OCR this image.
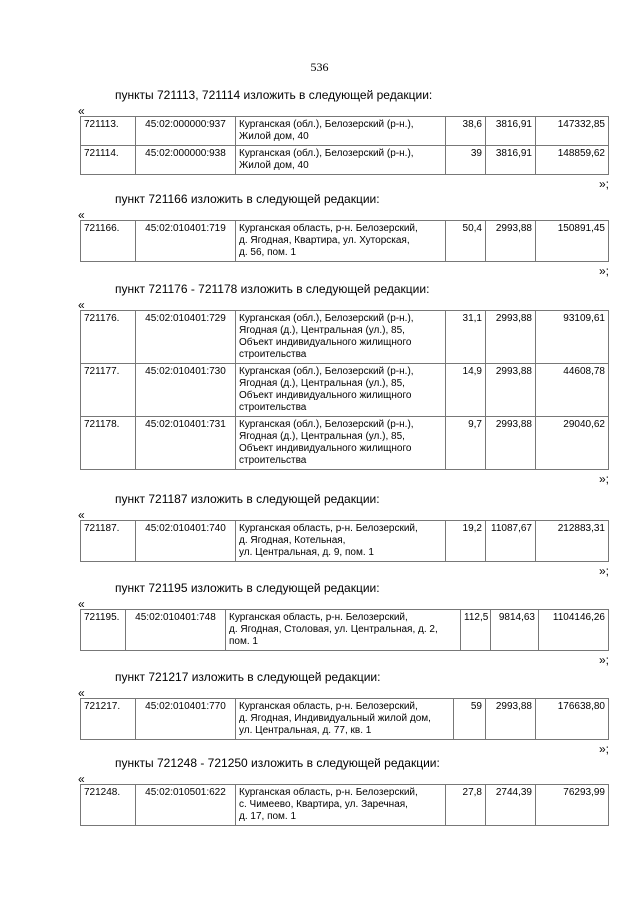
536
пункты 721113, 721114 изложить в следующей редакции:
«
721113.	45:02:000000:937	Курганская (обл.), Белозерский (р-н.),
Жилой дом, 40	38,6	3816,91	147332,85
721114.	45:02:000000:938	Курганская (обл.), Белозерский (р-н.),
Жилой дом, 40	39	3816,91	148859,62
»;
пункт 721166 изложить в следующей редакции:
«
721166.	45:02:010401:719	Курганская область, р-н. Белозерский,
д. Ягодная, Квартира, ул. Хуторская,
д. 56, пом. 1
	50,4	2993,88	150891,45
»;
пункт 721176 - 721178 изложить в следующей редакции:
«
721176.	45:02:010401:729	Курганская (обл.), Белозерский (р-н.),
Ягодная (д.), Центральная (ул.), 85,
Объект индивидуального жилищного
строительства	31,1	2993,88	93109,61
721177.	45:02:010401:730	Курганская (обл.), Белозерский (р-н.),
Ягодная (д.), Центральная (ул.), 85,
Объект индивидуального жилищного
строительства	14,9	2993,88	44608,78
721178.	45:02:010401:731	Курганская (обл.), Белозерский (р-н.),
Ягодная (д.), Центральная (ул.), 85,
Объект индивидуального жилищного
строительства	9,7	2993,88	29040,62
»;
пункт 721187 изложить в следующей редакции:
«
721187.	45:02:010401:740	Курганская область, р-н. Белозерский,
д. Ягодная, Котельная,
ул. Центральная, д. 9, пом. 1
	19,2	11087,67	212883,31
»;
пункт 721195 изложить в следующей редакции:
«
721195.	45:02:010401:748	Курганская область, р-н. Белозерский,
д. Ягодная, Столовая, ул. Центральная, д. 2,
пом. 1
	112,5	9814,63	1104146,26
»;
пункт 721217 изложить в следующей редакции:
«
721217.	45:02:010401:770	Курганская область, р-н. Белозерский,
д. Ягодная, Индивидуальный жилой дом,
ул. Центральная, д. 77, кв. 1
	59	2993,88	176638,80
»;
пункты 721248 - 721250 изложить в следующей редакции:
«
721248.	45:02:010501:622	Курганская область, р-н. Белозерский,
с. Чимеево, Квартира, ул. Заречная,
д. 17, пом. 1
	27,8	2744,39	76293,99
